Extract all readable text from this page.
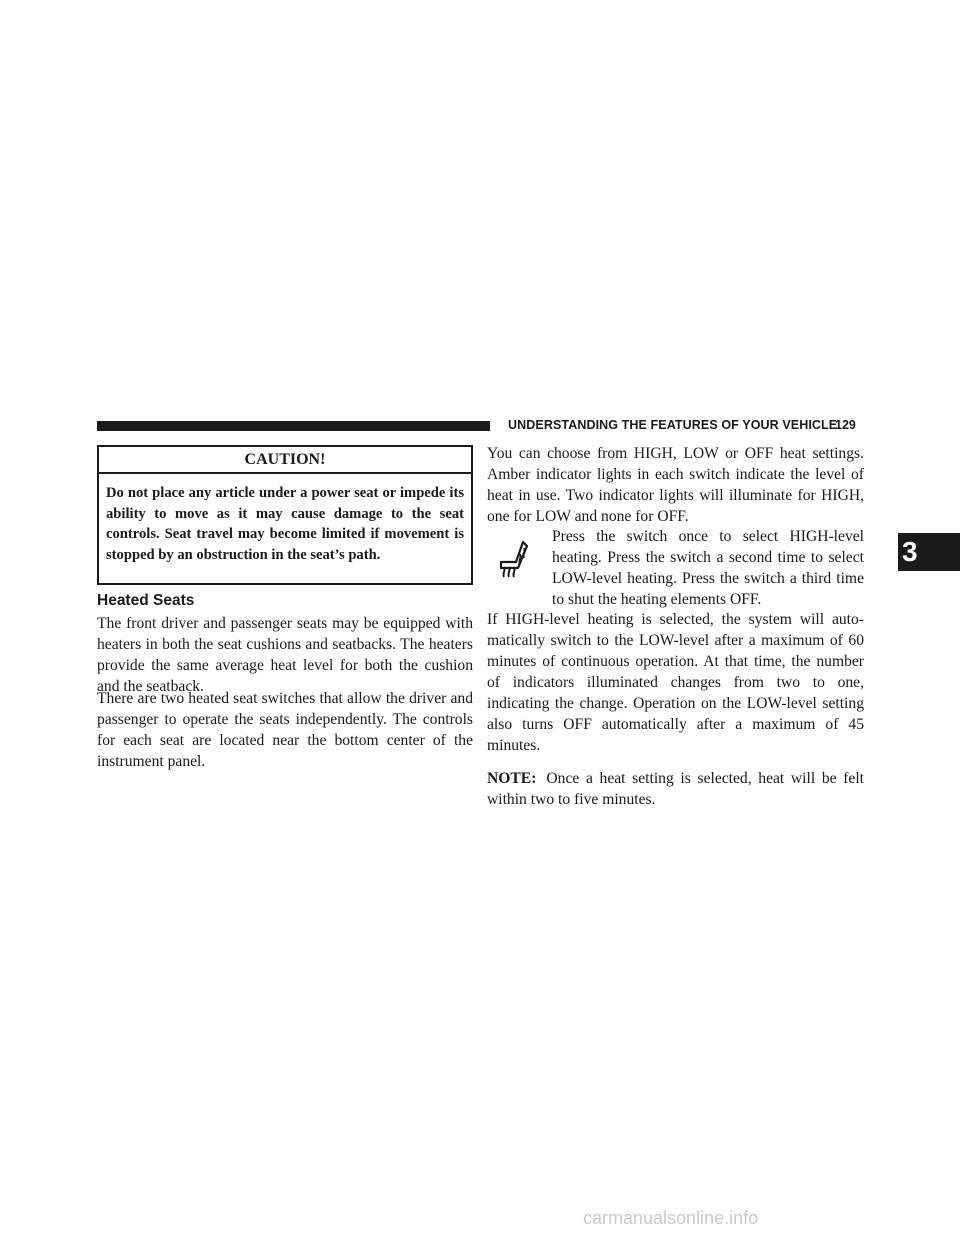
UNDERSTANDING THE FEATURES OF YOUR VEHICLE
129
CAUTION!
Do not place any article under a power seat or impede its ability to move as it may cause damage to the seat controls. Seat travel may become limited if movement is stopped by an obstruction in the seat’s path.
Heated Seats
The front driver and passenger seats may be equipped with heaters in both the seat cushions and seatbacks. The heaters provide the same average heat level for both the cushion and the seatback.
There are two heated seat switches that allow the driver and passenger to operate the seats independently. The controls for each seat are located near the bottom center of the instrument panel.
You can choose from HIGH, LOW or OFF heat settings. Amber indicator lights in each switch indicate the level of heat in use. Two indicator lights will illuminate for HIGH, one for LOW and none for OFF.
Press the switch once to select HIGH-level heating. Press the switch a second time to select LOW-level heating. Press the switch a third time to shut the heating elements OFF.
If HIGH-level heating is selected, the system will auto-matically switch to the LOW-level after a maximum of 60 minutes of continuous operation. At that time, the number of indicators illuminated changes from two to one, indicating the change. Operation on the LOW-level setting also turns OFF automatically after a maximum of 45 minutes.
NOTE: Once a heat setting is selected, heat will be felt within two to five minutes.
3
carmanualsonline.info
